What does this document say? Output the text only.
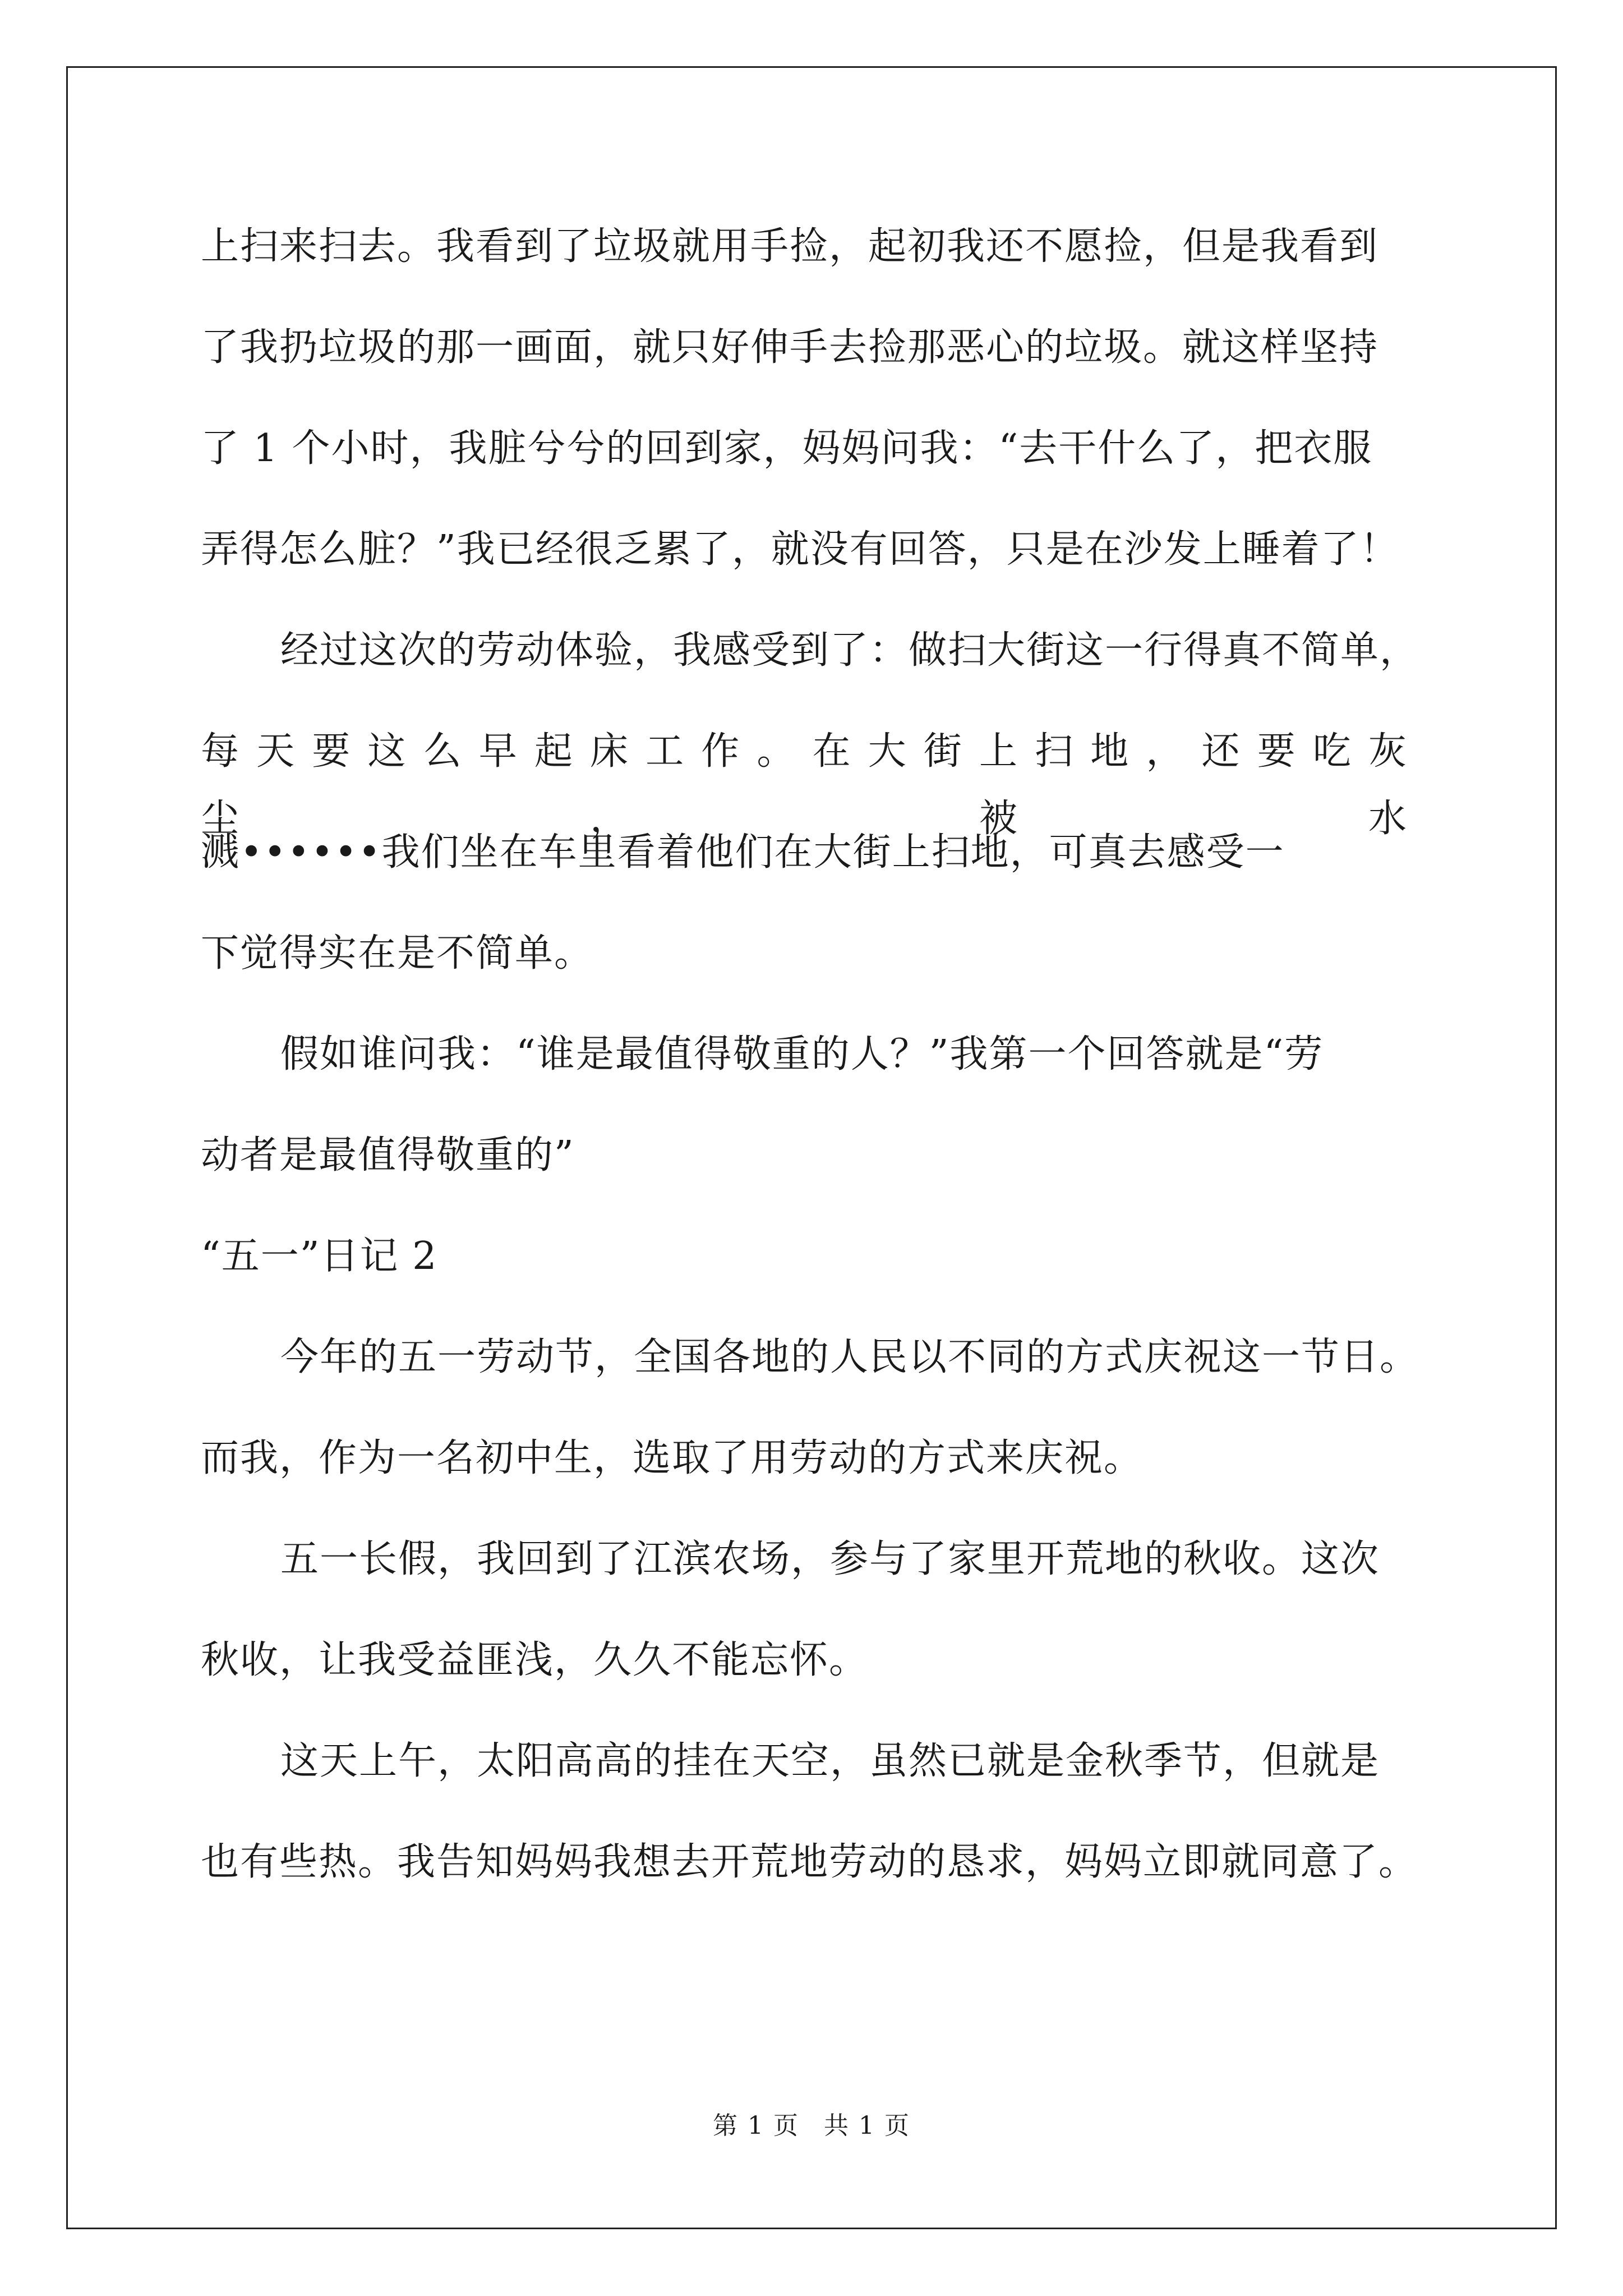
上扫来扫去。我看到了垃圾就用手捡，起初我还不愿捡，但是我看到
了我扔垃圾的那一画面，就只好伸手去捡那恶心的垃圾。就这样坚持
了 1 个小时，我脏兮兮的回到家，妈妈问我：“去干什么了，把衣服
弄得怎么脏？”我已经很乏累了，就没有回答，只是在沙发上睡着了！
经过这次的劳动体验，我感受到了：做扫大街这一行得真不简单，
每天要这么早起床工作。在大街上扫地，还要吃灰尘，被水
溅••••••我们坐在车里看着他们在大街上扫地，可真去感受一
下觉得实在是不简单。
假如谁问我：“谁是最值得敬重的人？”我第一个回答就是“劳
动者是最值得敬重的”
“五一”日记 2
今年的五一劳动节，全国各地的人民以不同的方式庆祝这一节日。
而我，作为一名初中生，选取了用劳动的方式来庆祝。
五一长假，我回到了江滨农场，参与了家里开荒地的秋收。这次
秋收，让我受益匪浅，久久不能忘怀。
这天上午，太阳高高的挂在天空，虽然已就是金秋季节，但就是
也有些热。我告知妈妈我想去开荒地劳动的恳求，妈妈立即就同意了。
第 1 页 共 1 页
